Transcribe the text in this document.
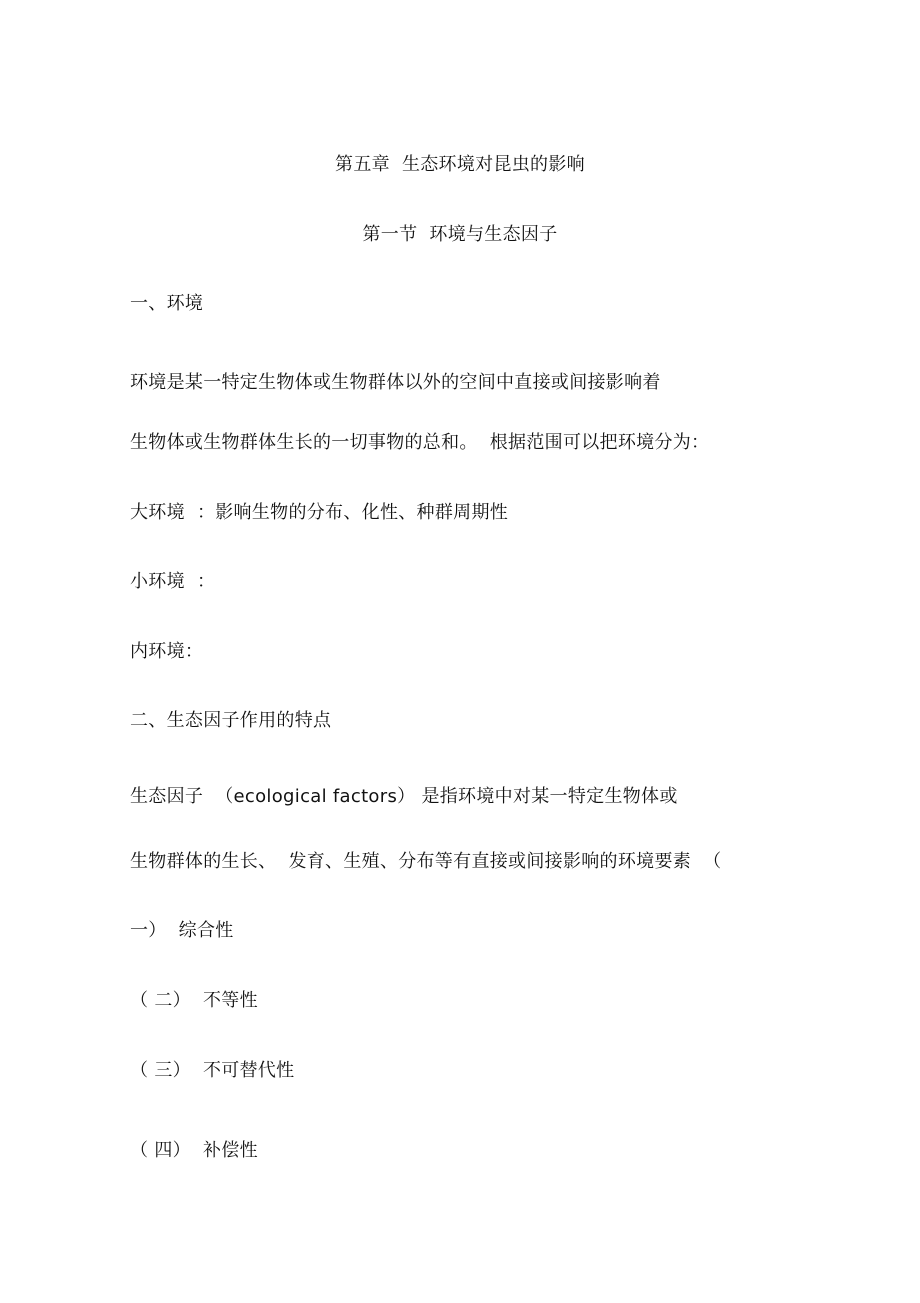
第五章  生态环境对昆虫的影响
第一节  环境与生态因子
一、环境
环境是某一特定生物体或生物群体以外的空间中直接或间接影响着
生物体或生物群体生长的一切事物的总和。  根据范围可以把环境分为：
大环境  ：影响生物的分布、化性、种群周期性
小环境  ：
内环境：
二、生态因子作用的特点
生态因子  （ecological factors） 是指环境中对某一特定生物体或
生物群体的生长、  发育、生殖、分布等有直接或间接影响的环境要素  （
一）  综合性
（ 二）  不等性
（ 三）  不可替代性
（ 四）  补偿性
